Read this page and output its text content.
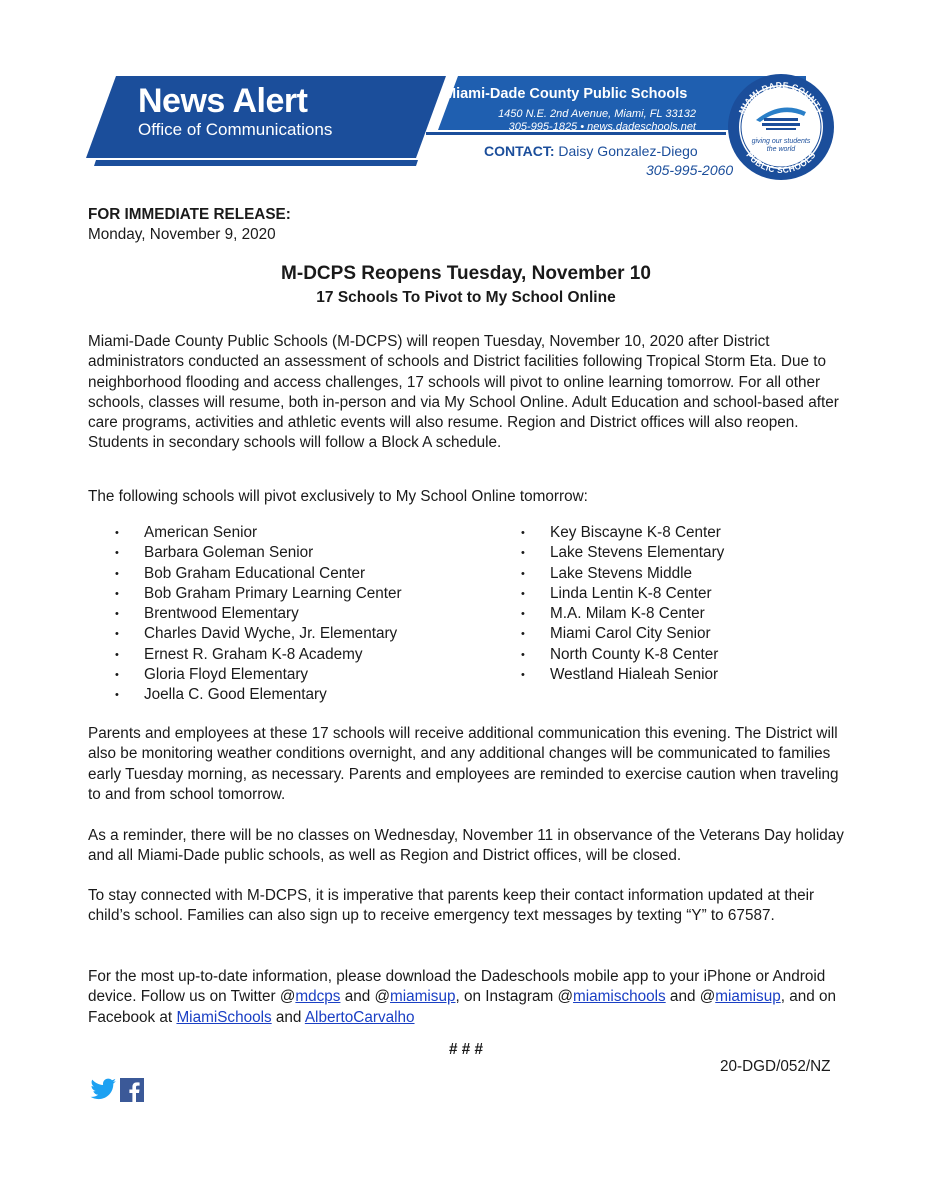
News Alert
Office of Communications
Miami-Dade County Public Schools
1450 N.E. 2nd Avenue, Miami, FL 33132
305-995-1825 • news.dadeschools.net
CONTACT: Daisy Gonzalez-Diego
305-995-2060
MIAMI-DADE COUNTY
PUBLIC SCHOOLS
giving our students
the world
FOR IMMEDIATE RELEASE:
Monday, November 9, 2020
M-DCPS Reopens Tuesday, November 10
17 Schools To Pivot to My School Online
Miami-Dade County Public Schools (M-DCPS) will reopen Tuesday, November 10, 2020 after District administrators conducted an assessment of schools and District facilities following Tropical Storm Eta. Due to neighborhood flooding and access challenges, 17 schools will pivot to online learning tomorrow. For all other schools, classes will resume, both in-person and via My School Online. Adult Education and school-based after care programs, activities and athletic events will also resume. Region and District offices will also reopen. Students in secondary schools will follow a Block A schedule.
The following schools will pivot exclusively to My School Online tomorrow:
• American Senior
• Barbara Goleman Senior
• Bob Graham Educational Center
• Bob Graham Primary Learning Center
• Brentwood Elementary
• Charles David Wyche, Jr. Elementary
• Ernest R. Graham K-8 Academy
• Gloria Floyd Elementary
• Joella C. Good Elementary
• Key Biscayne K-8 Center
• Lake Stevens Elementary
• Lake Stevens Middle
• Linda Lentin K-8 Center
• M.A. Milam K-8 Center
• Miami Carol City Senior
• North County K-8 Center
• Westland Hialeah Senior
Parents and employees at these 17 schools will receive additional communication this evening. The District will also be monitoring weather conditions overnight, and any additional changes will be communicated to families early Tuesday morning, as necessary. Parents and employees are reminded to exercise caution when traveling to and from school tomorrow.
As a reminder, there will be no classes on Wednesday, November 11 in observance of the Veterans Day holiday and all Miami-Dade public schools, as well as Region and District offices, will be closed.
To stay connected with M-DCPS, it is imperative that parents keep their contact information updated at their child’s school. Families can also sign up to receive emergency text messages by texting “Y” to 67587.
For the most up-to-date information, please download the Dadeschools mobile app to your iPhone or Android device. Follow us on Twitter @mdcps and @miamisup, on Instagram @miamischools and @miamisup, and on Facebook at MiamiSchools and AlbertoCarvalho
# # #
20-DGD/052/NZ
